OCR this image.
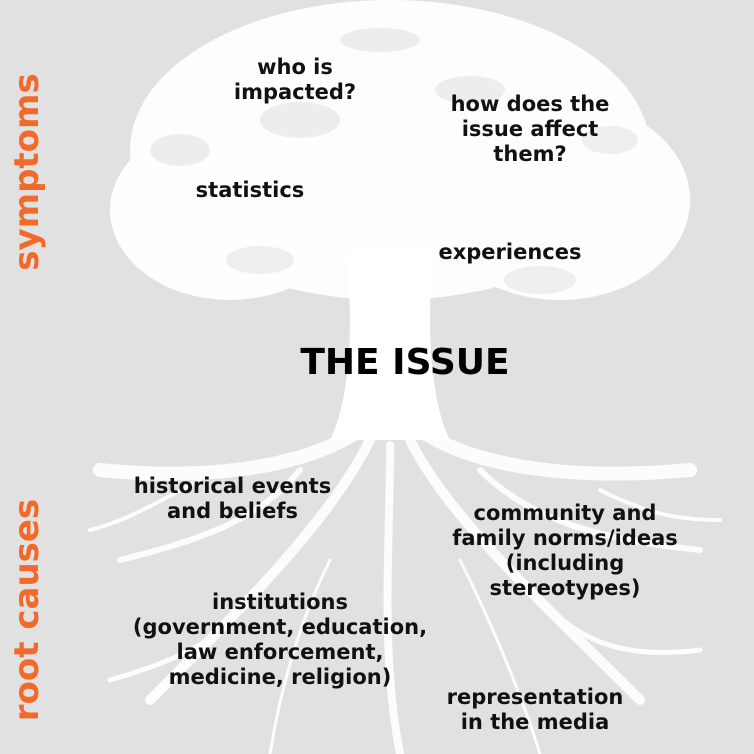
symptoms
root causes
THE ISSUE
who is
impacted?	how does the
issue affect
them?
statistics
experiences
historical events
and beliefs	community and
family norms/ideas
(including
stereotypes)
institutions
(government, education,
law enforcement,
medicine, religion)
representation
in the media
